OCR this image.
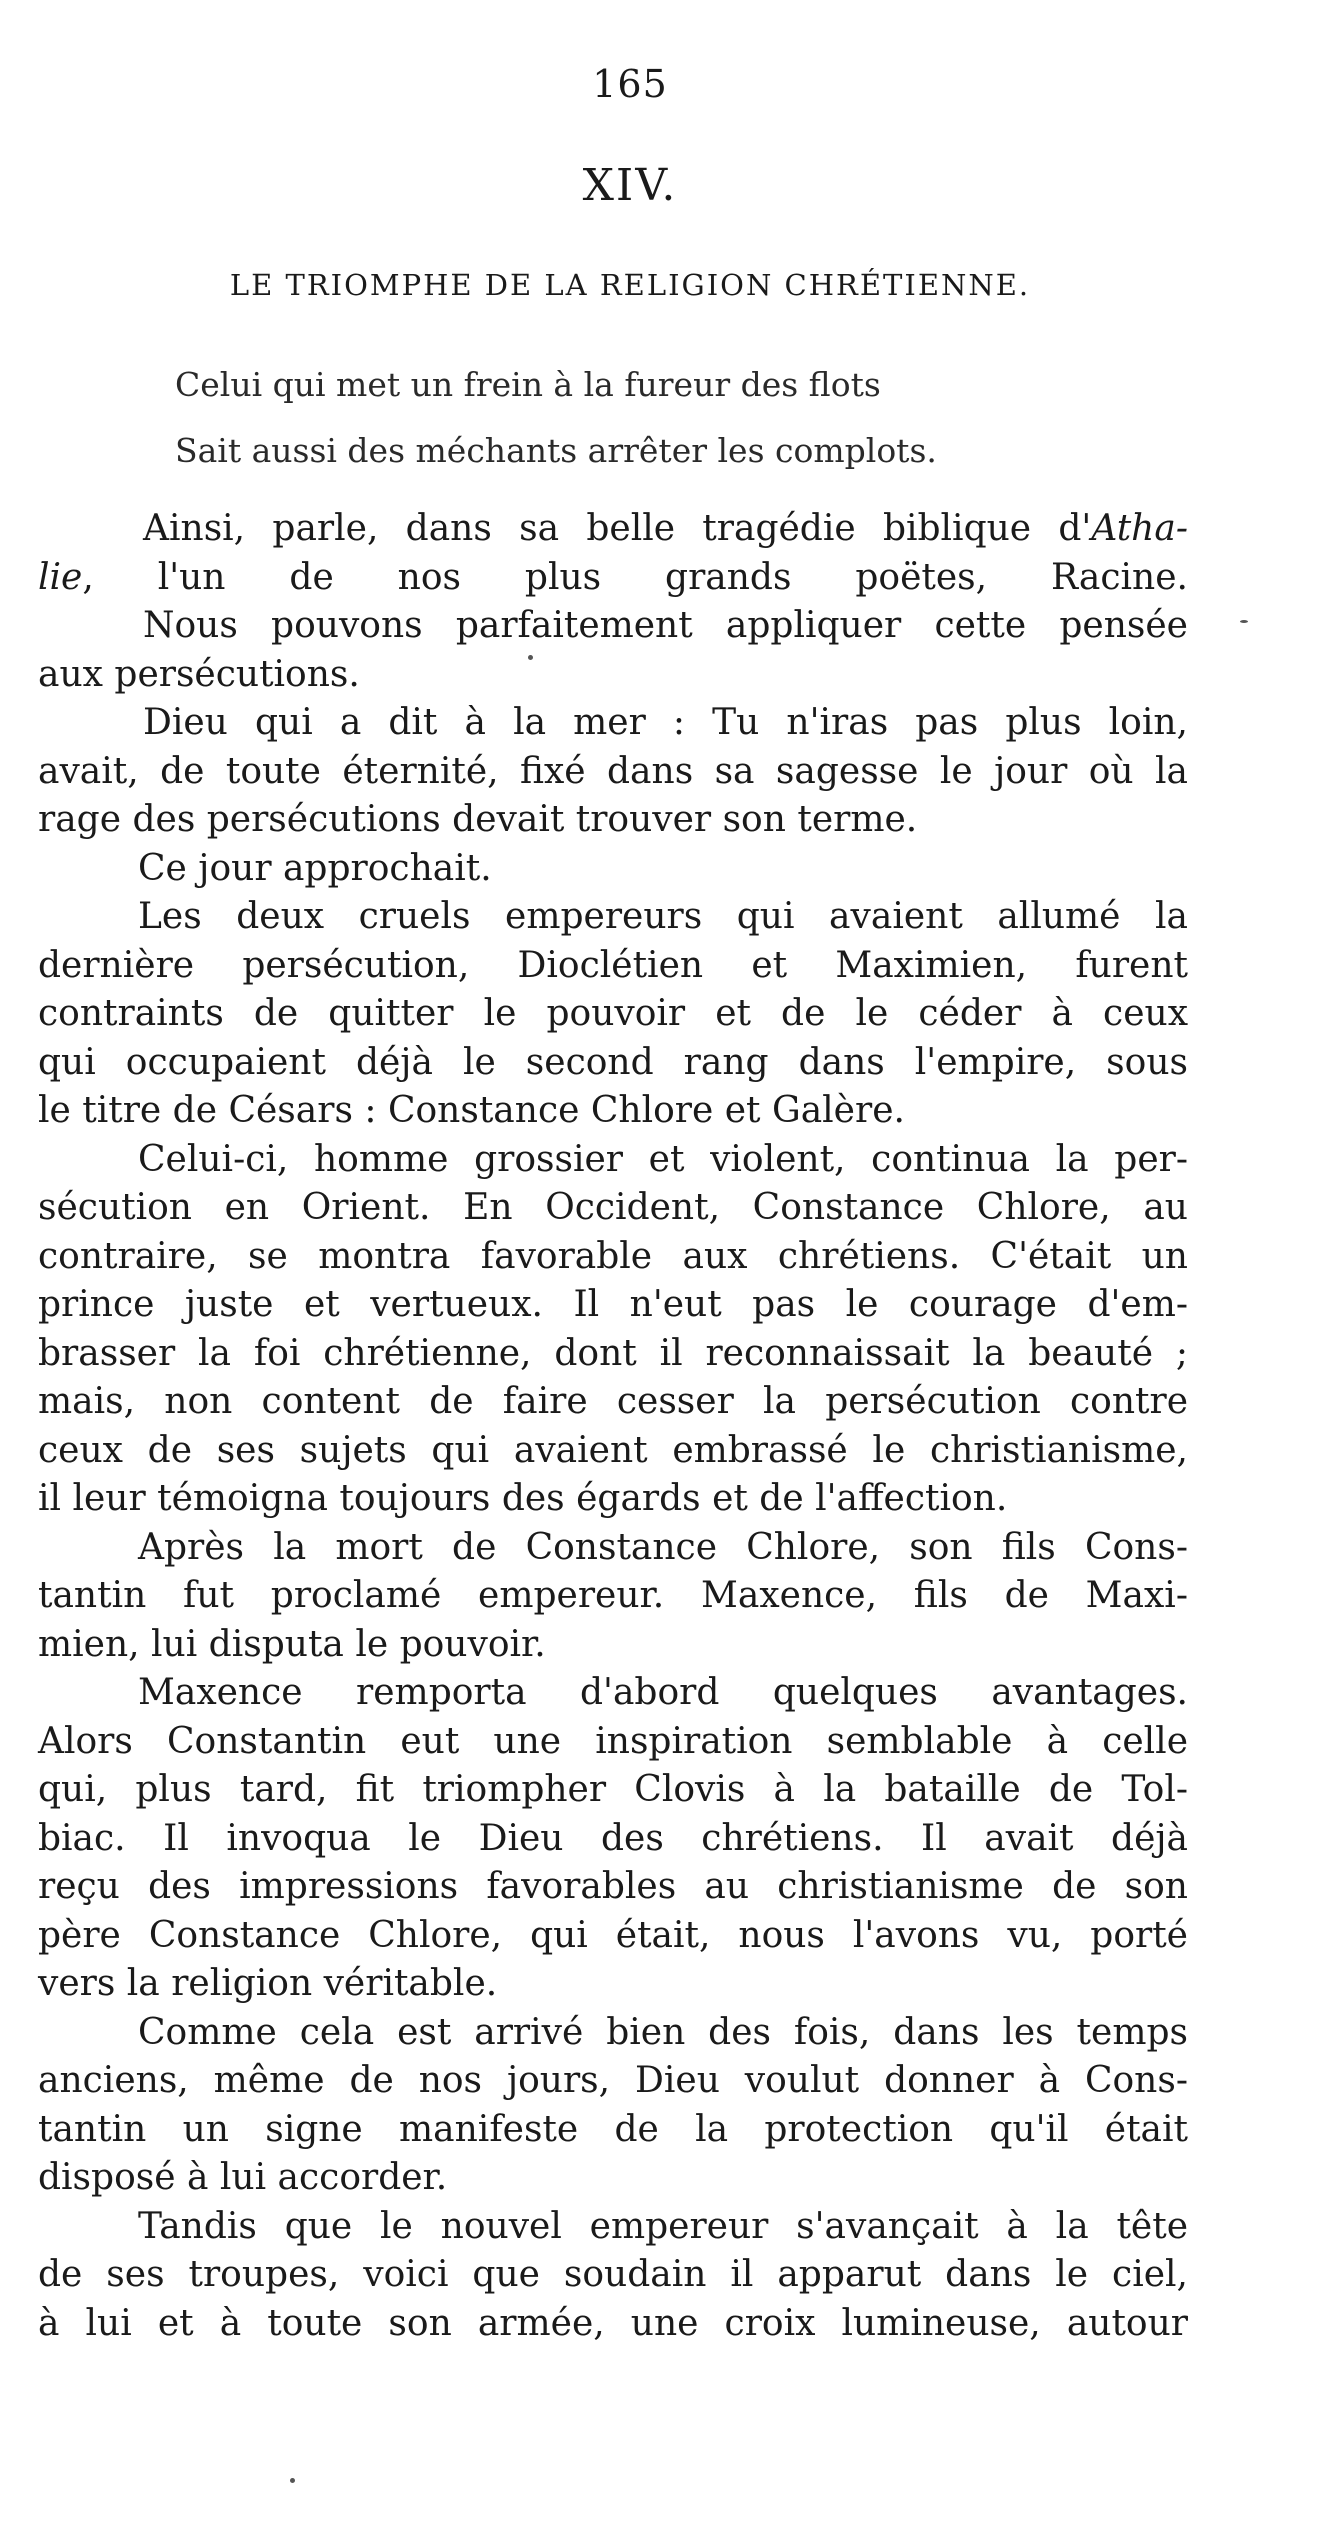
165
XIV.
LE TRIOMPHE DE LA RELIGION CHRÉTIENNE.
Celui qui met un frein à la fureur des flots
Sait aussi des méchants arrêter les complots.
Ainsi, parle, dans sa belle tragédie biblique d'Atha-
lie, l'un de nos plus grands poëtes, Racine.
Nous pouvons parfaitement appliquer cette pensée
aux persécutions.
Dieu qui a dit à la mer : Tu n'iras pas plus loin,
avait, de toute éternité, fixé dans sa sagesse le jour où la
rage des persécutions devait trouver son terme.
Ce jour approchait.
Les deux cruels empereurs qui avaient allumé la
dernière persécution, Dioclétien et Maximien, furent
contraints de quitter le pouvoir et de le céder à ceux
qui occupaient déjà le second rang dans l'empire, sous
le titre de Césars : Constance Chlore et Galère.
Celui-ci, homme grossier et violent, continua la per-
sécution en Orient. En Occident, Constance Chlore, au
contraire, se montra favorable aux chrétiens. C'était un
prince juste et vertueux. Il n'eut pas le courage d'em-
brasser la foi chrétienne, dont il reconnaissait la beauté ;
mais, non content de faire cesser la persécution contre
ceux de ses sujets qui avaient embrassé le christianisme,
il leur témoigna toujours des égards et de l'affection.
Après la mort de Constance Chlore, son fils Cons-
tantin fut proclamé empereur. Maxence, fils de Maxi-
mien, lui disputa le pouvoir.
Maxence remporta d'abord quelques avantages.
Alors Constantin eut une inspiration semblable à celle
qui, plus tard, fit triompher Clovis à la bataille de Tol-
biac. Il invoqua le Dieu des chrétiens. Il avait déjà
reçu des impressions favorables au christianisme de son
père Constance Chlore, qui était, nous l'avons vu, porté
vers la religion véritable.
Comme cela est arrivé bien des fois, dans les temps
anciens, même de nos jours, Dieu voulut donner à Cons-
tantin un signe manifeste de la protection qu'il était
disposé à lui accorder.
Tandis que le nouvel empereur s'avançait à la tête
de ses troupes, voici que soudain il apparut dans le ciel,
à lui et à toute son armée, une croix lumineuse, autour
